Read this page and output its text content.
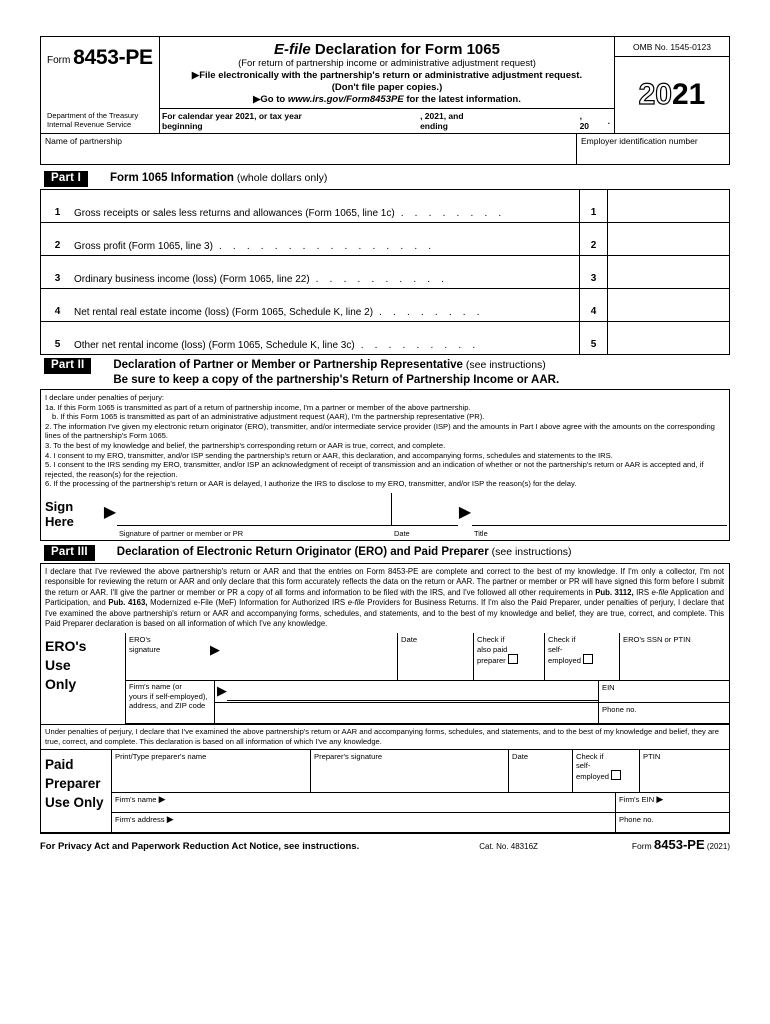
Form 8453-PE
Department of the Treasury
Internal Revenue Service
E-file Declaration for Form 1065
(For return of partnership income or administrative adjustment request)
▶File electronically with the partnership's return or administrative adjustment request.
(Don't file paper copies.)
▶Go to www.irs.gov/Form8453PE for the latest information.
For calendar year 2021, or tax year beginning
, 2021, and ending
, 20 .
OMB No. 1545-0123
20 21
Name of partnership	Employer identification number
Part I	Form 1065 Information (whole dollars only)
1	Gross receipts or sales less returns and allowances (Form 1065, line 1c) . . . . . . . .	1
2	Gross profit (Form 1065, line 3) . . . . . . . . . . . . . . . .	2
3	Ordinary business income (loss) (Form 1065, line 22) . . . . . . . . . .	3
4	Net rental real estate income (loss) (Form 1065, Schedule K, line 2) . . . . . . . .	4
5	Other net rental income (loss) (Form 1065, Schedule K, line 3c) . . . . . . . . .	5
Part II	Declaration of Partner or Member or Partnership Representative (see instructions)
Be sure to keep a copy of the partnership's Return of Partnership Income or AAR.

I declare under penalties of perjury:

1a. If this Form 1065 is transmitted as part of a return of partnership income, I'm a partner or member of the above partnership.

b. If this Form 1065 is transmitted as part of an administrative adjustment request (AAR), I'm the partnership representative (PR).

2. The information I've given my electronic return originator (ERO), transmitter, and/or intermediate service provider (ISP) and the amounts in Part I above agree with the amounts on the corresponding lines of the partnership's Form 1065.

3. To the best of my knowledge and belief, the partnership's corresponding return or AAR is true, correct, and complete.

4. I consent to my ERO, transmitter, and/or ISP sending the partnership's return or AAR, this declaration, and accompanying forms, schedules and statements to the IRS.

5. I consent to the IRS sending my ERO, transmitter, and/or ISP an acknowledgment of receipt of transmission and an indication of whether or not the partnership's return or AAR is accepted and, if rejected, the reason(s) for the rejection.

6. If the processing of the partnership's return or AAR is delayed, I authorize the IRS to disclose to my ERO, transmitter, and/or ISP the reason(s) for the delay.

Sign
Here
▶
Signature of partner or member or PR	Date
▶
Title
Part III	Declaration of Electronic Return Originator (ERO) and Paid Preparer (see instructions)
I declare that I've reviewed the above partnership's return or AAR and that the entries on Form 8453-PE are complete and correct to the best of my knowledge. If I'm only a collector, I'm not responsible for reviewing the return or AAR and only declare that this form accurately reflects the data on the return or AAR. The partner or member or PR will have signed this form before I submit the return or AAR. I'll give the partner or member or PR a copy of all forms and information to be filed with the IRS, and I've followed all other requirements in Pub. 3112, IRS e-file Application and Participation, and Pub. 4163, Modernized e-File (MeF) Information for Authorized IRS e-file Providers for Business Returns. If I'm also the Paid Preparer, under penalties of perjury, I declare that I've examined the above partnership's return or AAR and accompanying forms, schedules, and statements, and to the best of my knowledge and belief, they are true, correct, and complete. This Paid Preparer declaration is based on all information of which I've any knowledge.
ERO's
Use
Only
ERO's
signature	▶
Date	Check if
also paid
preparer
Check if
self-
employed
ERO's SSN or PTIN
Firm's name (or
yours if self-employed),
address, and ZIP code
▶	EIN
Phone no.
Under penalties of perjury, I declare that I've examined the above partnership's return or AAR and accompanying forms, schedules, and statements, and to the best of my knowledge and belief, they are true, correct, and complete. This declaration is based on all information of which I've any knowledge.
Paid
Preparer
Use Only
Print/Type preparer's name	Preparer's signature	Date	Check if
self-
employed
PTIN
Firm's name ▶	Firm's EIN ▶
Firm's address ▶	Phone no.
For Privacy Act and Paperwork Reduction Act Notice, see instructions.	Cat. No. 48316Z	Form 8453-PE (2021)
